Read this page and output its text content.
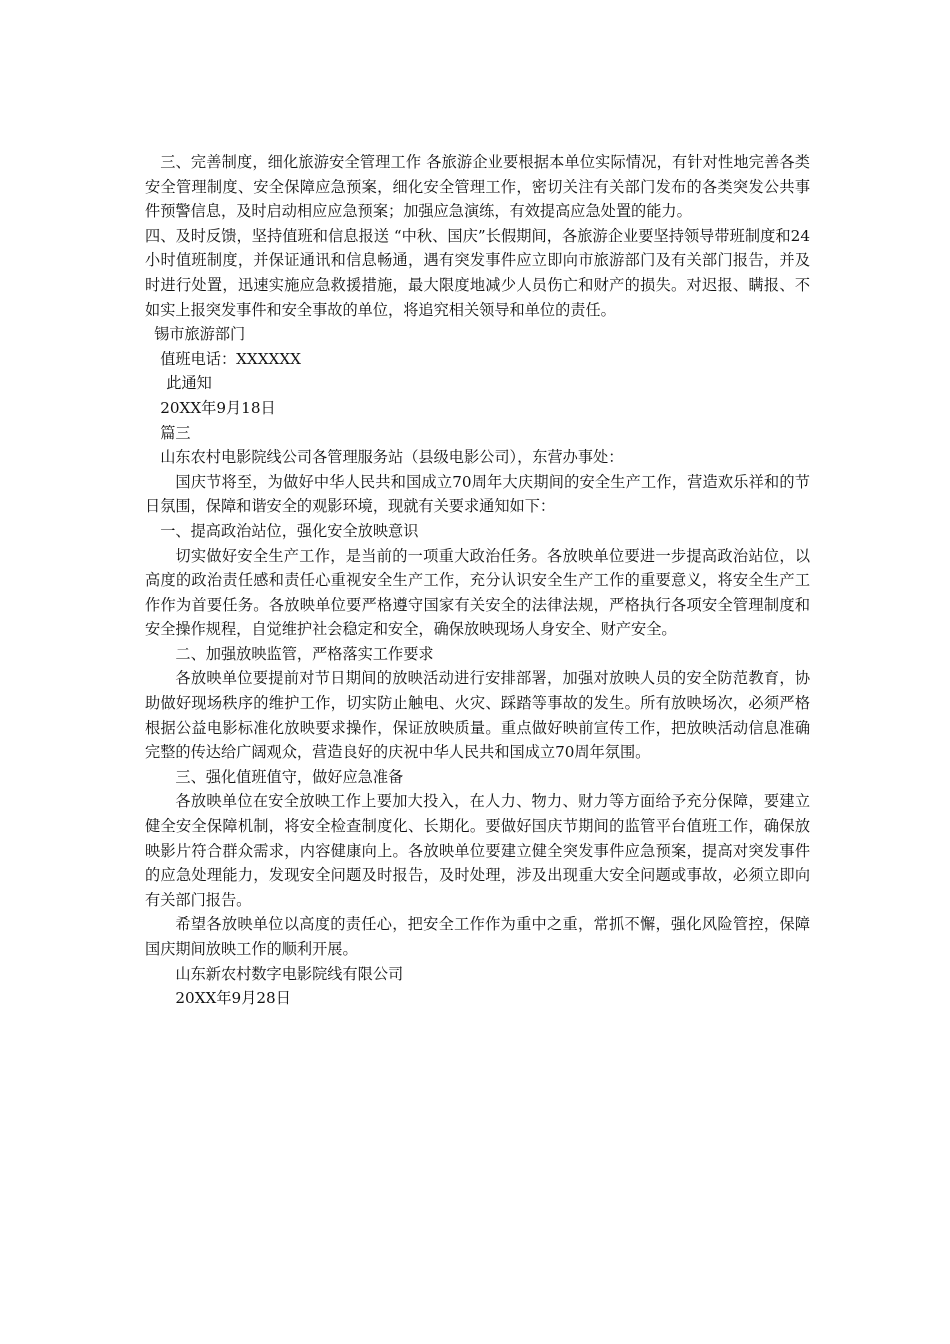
三、完善制度，细化旅游安全管理工作 各旅游企业要根据本单位实际情况，有针对性地完善各类安全管理制度、安全保障应急预案，细化安全管理工作，密切关注有关部门发布的各类突发公共事件预警信息，及时启动相应应急预案；加强应急演练，有效提高应急处置的能力。

四、及时反馈，坚持值班和信息报送 “中秋、国庆”长假期间，各旅游企业要坚持领导带班制度和24小时值班制度，并保证通讯和信息畅通，遇有突发事件应立即向市旅游部门及有关部门报告，并及时进行处置，迅速实施应急救援措施，最大限度地减少人员伤亡和财产的损失。对迟报、瞒报、不如实上报突发事件和安全事故的单位，将追究相关领导和单位的责任。

锡市旅游部门

值班电话：XXXXXX

此通知

20XX年9月18日

篇三

山东农村电影院线公司各管理服务站（县级电影公司），东营办事处：

国庆节将至，为做好中华人民共和国成立70周年大庆期间的安全生产工作，营造欢乐祥和的节日氛围，保障和谐安全的观影环境，现就有关要求通知如下：

一、提高政治站位，强化安全放映意识

切实做好安全生产工作，是当前的一项重大政治任务。各放映单位要进一步提高政治站位，以高度的政治责任感和责任心重视安全生产工作，充分认识安全生产工作的重要意义，将安全生产工作作为首要任务。各放映单位要严格遵守国家有关安全的法律法规，严格执行各项安全管理制度和安全操作规程，自觉维护社会稳定和安全，确保放映现场人身安全、财产安全。

二、加强放映监管，严格落实工作要求

各放映单位要提前对节日期间的放映活动进行安排部署，加强对放映人员的安全防范教育，协助做好现场秩序的维护工作，切实防止触电、火灾、踩踏等事故的发生。所有放映场次，必须严格根据公益电影标准化放映要求操作，保证放映质量。重点做好映前宣传工作，把放映活动信息准确完整的传达给广阔观众，营造良好的庆祝中华人民共和国成立70周年氛围。

三、强化值班值守，做好应急准备

各放映单位在安全放映工作上要加大投入，在人力、物力、财力等方面给予充分保障，要建立健全安全保障机制，将安全检查制度化、长期化。要做好国庆节期间的监管平台值班工作，确保放映影片符合群众需求，内容健康向上。各放映单位要建立健全突发事件应急预案，提高对突发事件的应急处理能力，发现安全问题及时报告，及时处理，涉及出现重大安全问题或事故，必须立即向有关部门报告。

希望各放映单位以高度的责任心，把安全工作作为重中之重，常抓不懈，强化风险管控，保障国庆期间放映工作的顺利开展。

山东新农村数字电影院线有限公司

20XX年9月28日
